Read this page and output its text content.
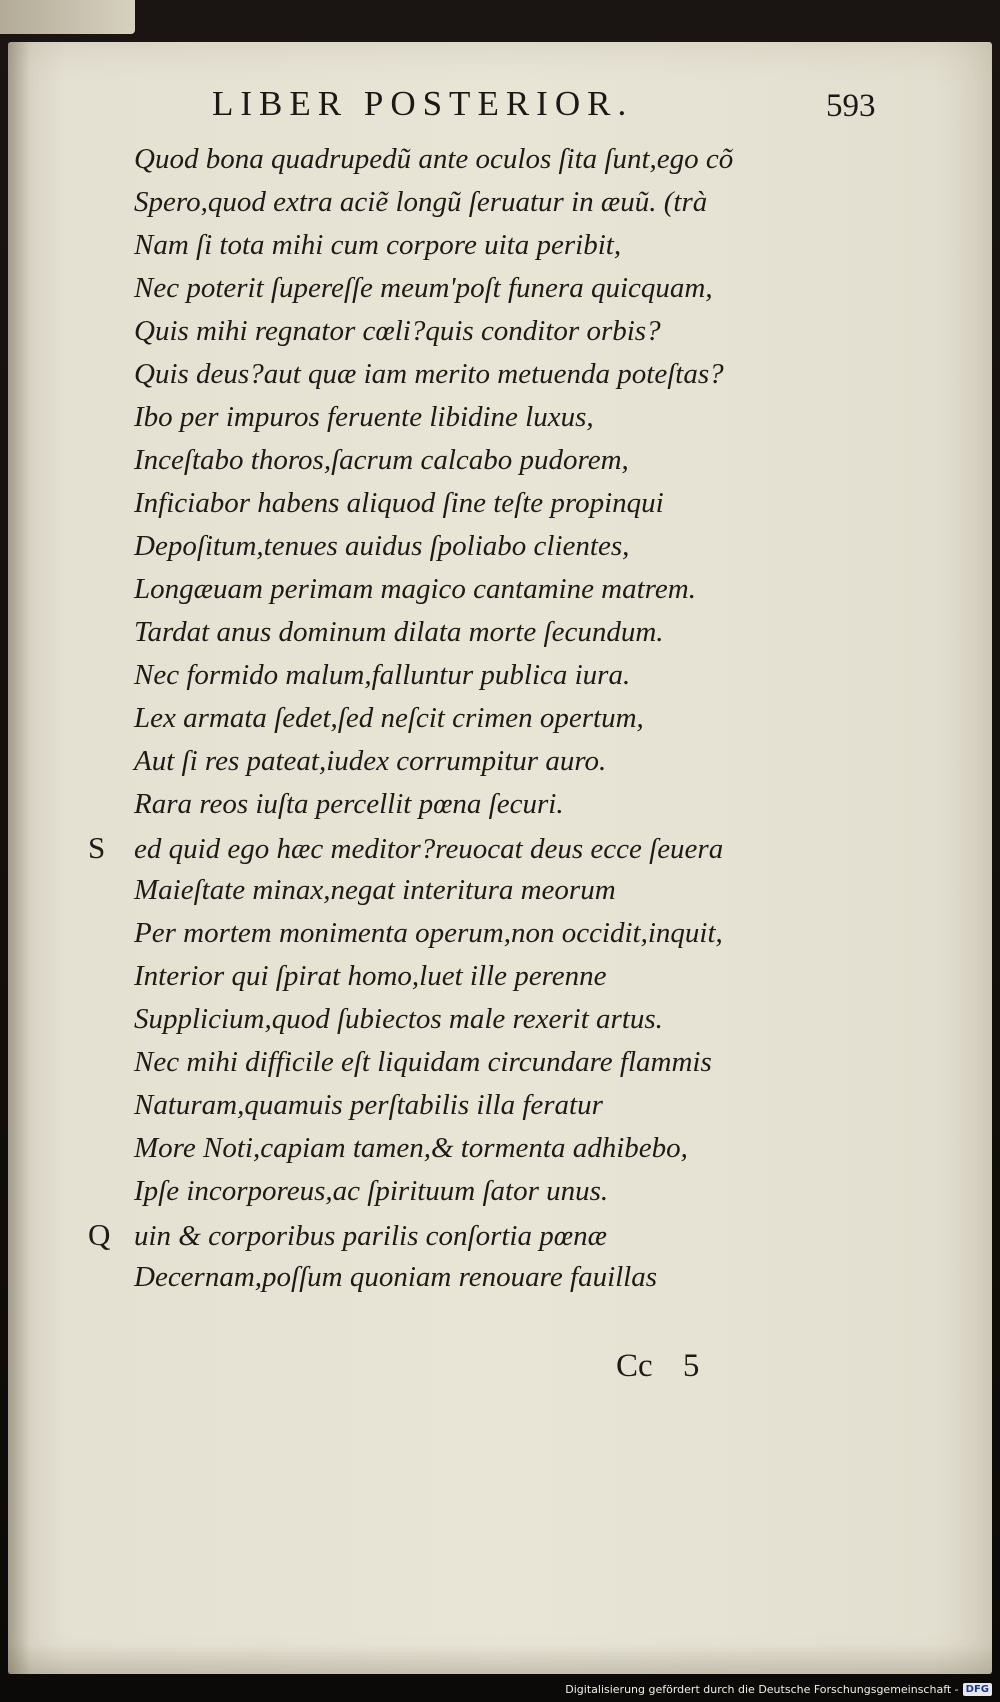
LIBER POSTERIOR.	593
Quod bona quadrupedũ ante oculos ſita ſunt,ego cõ
Spero,quod extra aciẽ longũ ſeruatur in æuũ. (trà
Nam ſi tota mihi cum corpore uita peribit,
Nec poterit ſupereſſe meum'poſt funera quicquam,
Quis mihi regnator cœli?quis conditor orbis?
Quis deus?aut quæ iam merito metuenda poteſtas?
Ibo per impuros feruente libidine luxus,
Inceſtabo thoros,ſacrum calcabo pudorem,
Inficiabor habens aliquod ſine teſte propinqui
Depoſitum,tenues auidus ſpoliabo clientes,
Longæuam perimam magico cantamine matrem.
Tardat anus dominum dilata morte ſecundum.
Nec formido malum,falluntur publica iura.
Lex armata ſedet,ſed neſcit crimen opertum,
Aut ſi res pateat,iudex corrumpitur auro.
Rara reos iuſta percellit pœna ſecuri.
S ed quid ego hæc meditor?reuocat deus ecce ſeuera
Maieſtate minax,negat interitura meorum
Per mortem monimenta operum,non occidit,inquit,
Interior qui ſpirat homo,luet ille perenne
Supplicium,quod ſubiectos male rexerit artus.
Nec mihi difficile eſt liquidam circundare flammis
Naturam,quamuis perſtabilis illa feratur
More Noti,capiam tamen,& tormenta adhibebo,
Ipſe incorporeus,ac ſpirituum ſator unus.
Q uin & corporibus parilis conſortia pœnæ
Decernam,poſſum quoniam renouare fauillas
Cc 5
Digitalisierung gefördert durch die Deutsche Forschungsgemeinschaft - DFG
